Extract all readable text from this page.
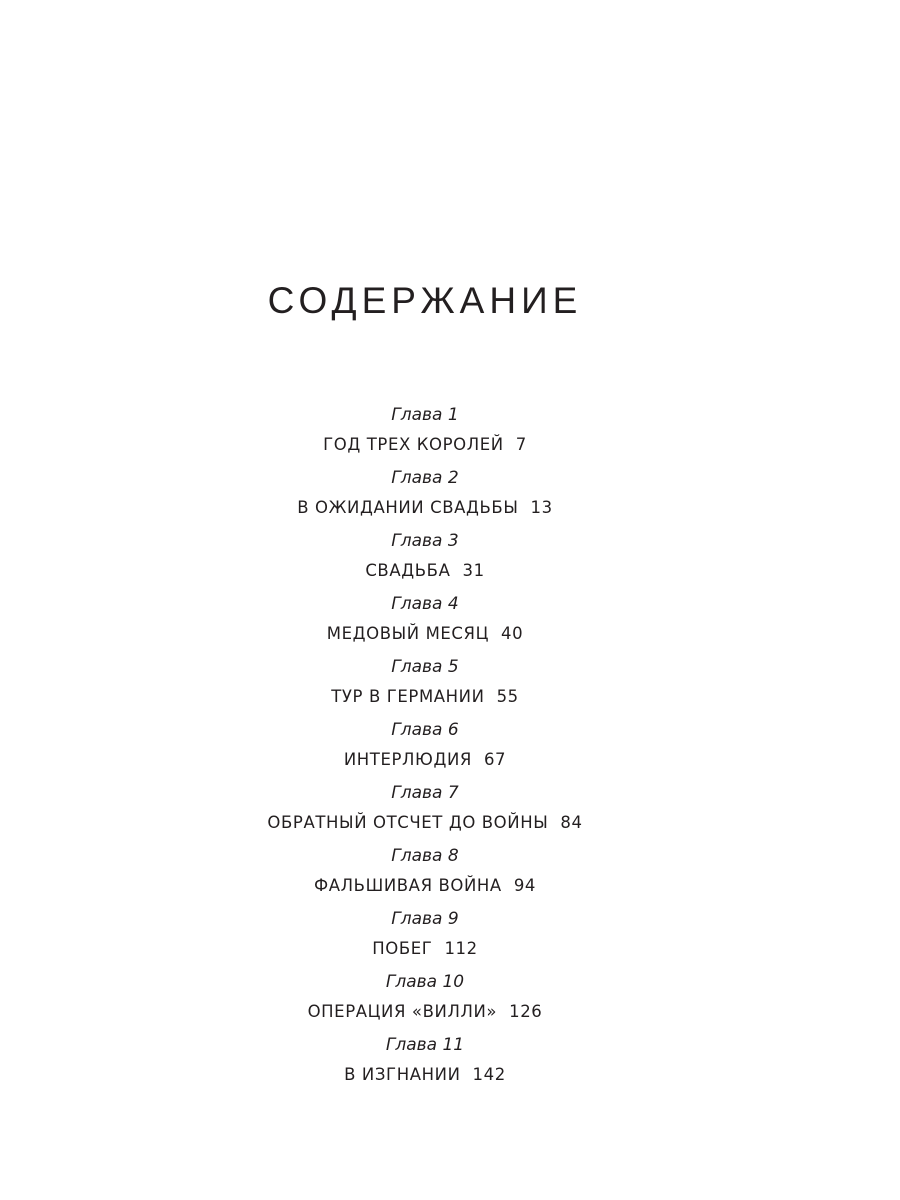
СОДЕРЖАНИЕ
Глава 1
ГОД ТРЕХ КОРОЛЕЙ 7
Глава 2
В ОЖИДАНИИ СВАДЬБЫ 13
Глава 3
СВАДЬБА 31
Глава 4
МЕДОВЫЙ МЕСЯЦ 40
Глава 5
ТУР В ГЕРМАНИИ 55
Глава 6
ИНТЕРЛЮДИЯ 67
Глава 7
ОБРАТНЫЙ ОТСЧЕТ ДО ВОЙНЫ 84
Глава 8
ФАЛЬШИВАЯ ВОЙНА 94
Глава 9
ПОБЕГ 112
Глава 10
ОПЕРАЦИЯ «ВИЛЛИ» 126
Глава 11
В ИЗГНАНИИ 142
